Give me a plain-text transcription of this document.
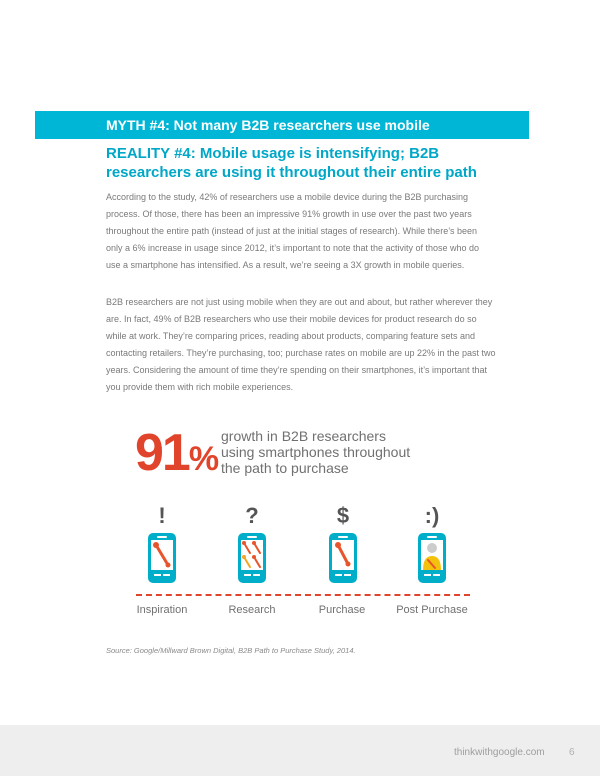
MYTH #4: Not many B2B researchers use mobile
REALITY #4: Mobile usage is intensifying; B2B researchers are using it throughout their entire path
According to the study, 42% of researchers use a mobile device during the B2B purchasing process. Of those, there has been an impressive 91% growth in use over the past two years throughout the entire path (instead of just at the initial stages of research). While there’s been only a 6% increase in usage since 2012, it’s important to note that the activity of those who do use a smartphone has intensified. As a result, we’re seeing a 3X growth in mobile queries.
B2B researchers are not just using mobile when they are out and about, but rather wherever they are. In fact, 49% of B2B researchers who use their mobile devices for product research do so while at work. They’re comparing prices, reading about products, comparing feature sets and contacting retailers. They’re purchasing, too; purchase rates on mobile are up 22% in the past two years. Considering the amount of time they’re spending on their smartphones, it’s important that you provide them with rich mobile experiences.
91%
growth in B2B researchers using smartphones throughout the path to purchase
!	?	$	:)
Inspiration	Research	Purchase	Post Purchase
Source: Google/Millward Brown Digital, B2B Path to Purchase Study, 2014.
thinkwithgoogle.com 6
